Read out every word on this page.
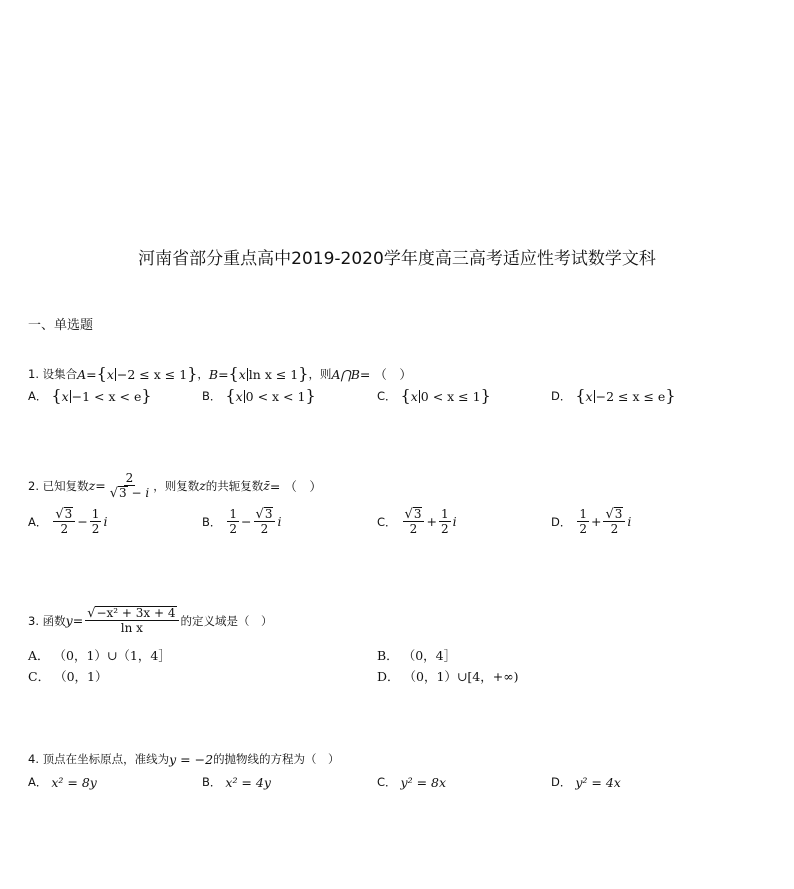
河南省部分重点高中2019-2020学年度高三高考适应性考试数学文科
一、单选题
1. 设集合 A = { x −2 ≤ x ≤ 1 } ， B = { x ln x ≤ 1 } ，则 A⋂B = （　）
A． { x −1 < x < e }	B． { x 0 < x < 1 }	C． { x 0 < x ≤ 1 }	D． { x −2 ≤ x ≤ e }
2. 已知复数 $z = \frac{2}{√ 3 - i}$ ，则复数 z 的共轭复数 z̄ = （　）
A． $\frac{√ 3}{2} - \frac{1}{2}$ i	B． $\frac{1}{2} - \frac{√ 3}{2}$ i	C． $\frac{√ 3}{2} + \frac{1}{2}$ i	D． $\frac{1}{2} + \frac{√ 3}{2}$ i
3. 函数 $y = \frac{\text{√ −x² + 3x + 4}}{\text{ln x}}$ 的定义域是（　）
A． （0，1）∪（1，4］	B． （0，4］
C． （0，1）	D． （0，1）∪[4，+∞)
4. 顶点在坐标原点，准线为 y = −2 的抛物线的方程为（　）
A． x² = 8y	B． x² = 4y	C． y² = 8x	D． y² = 4x
